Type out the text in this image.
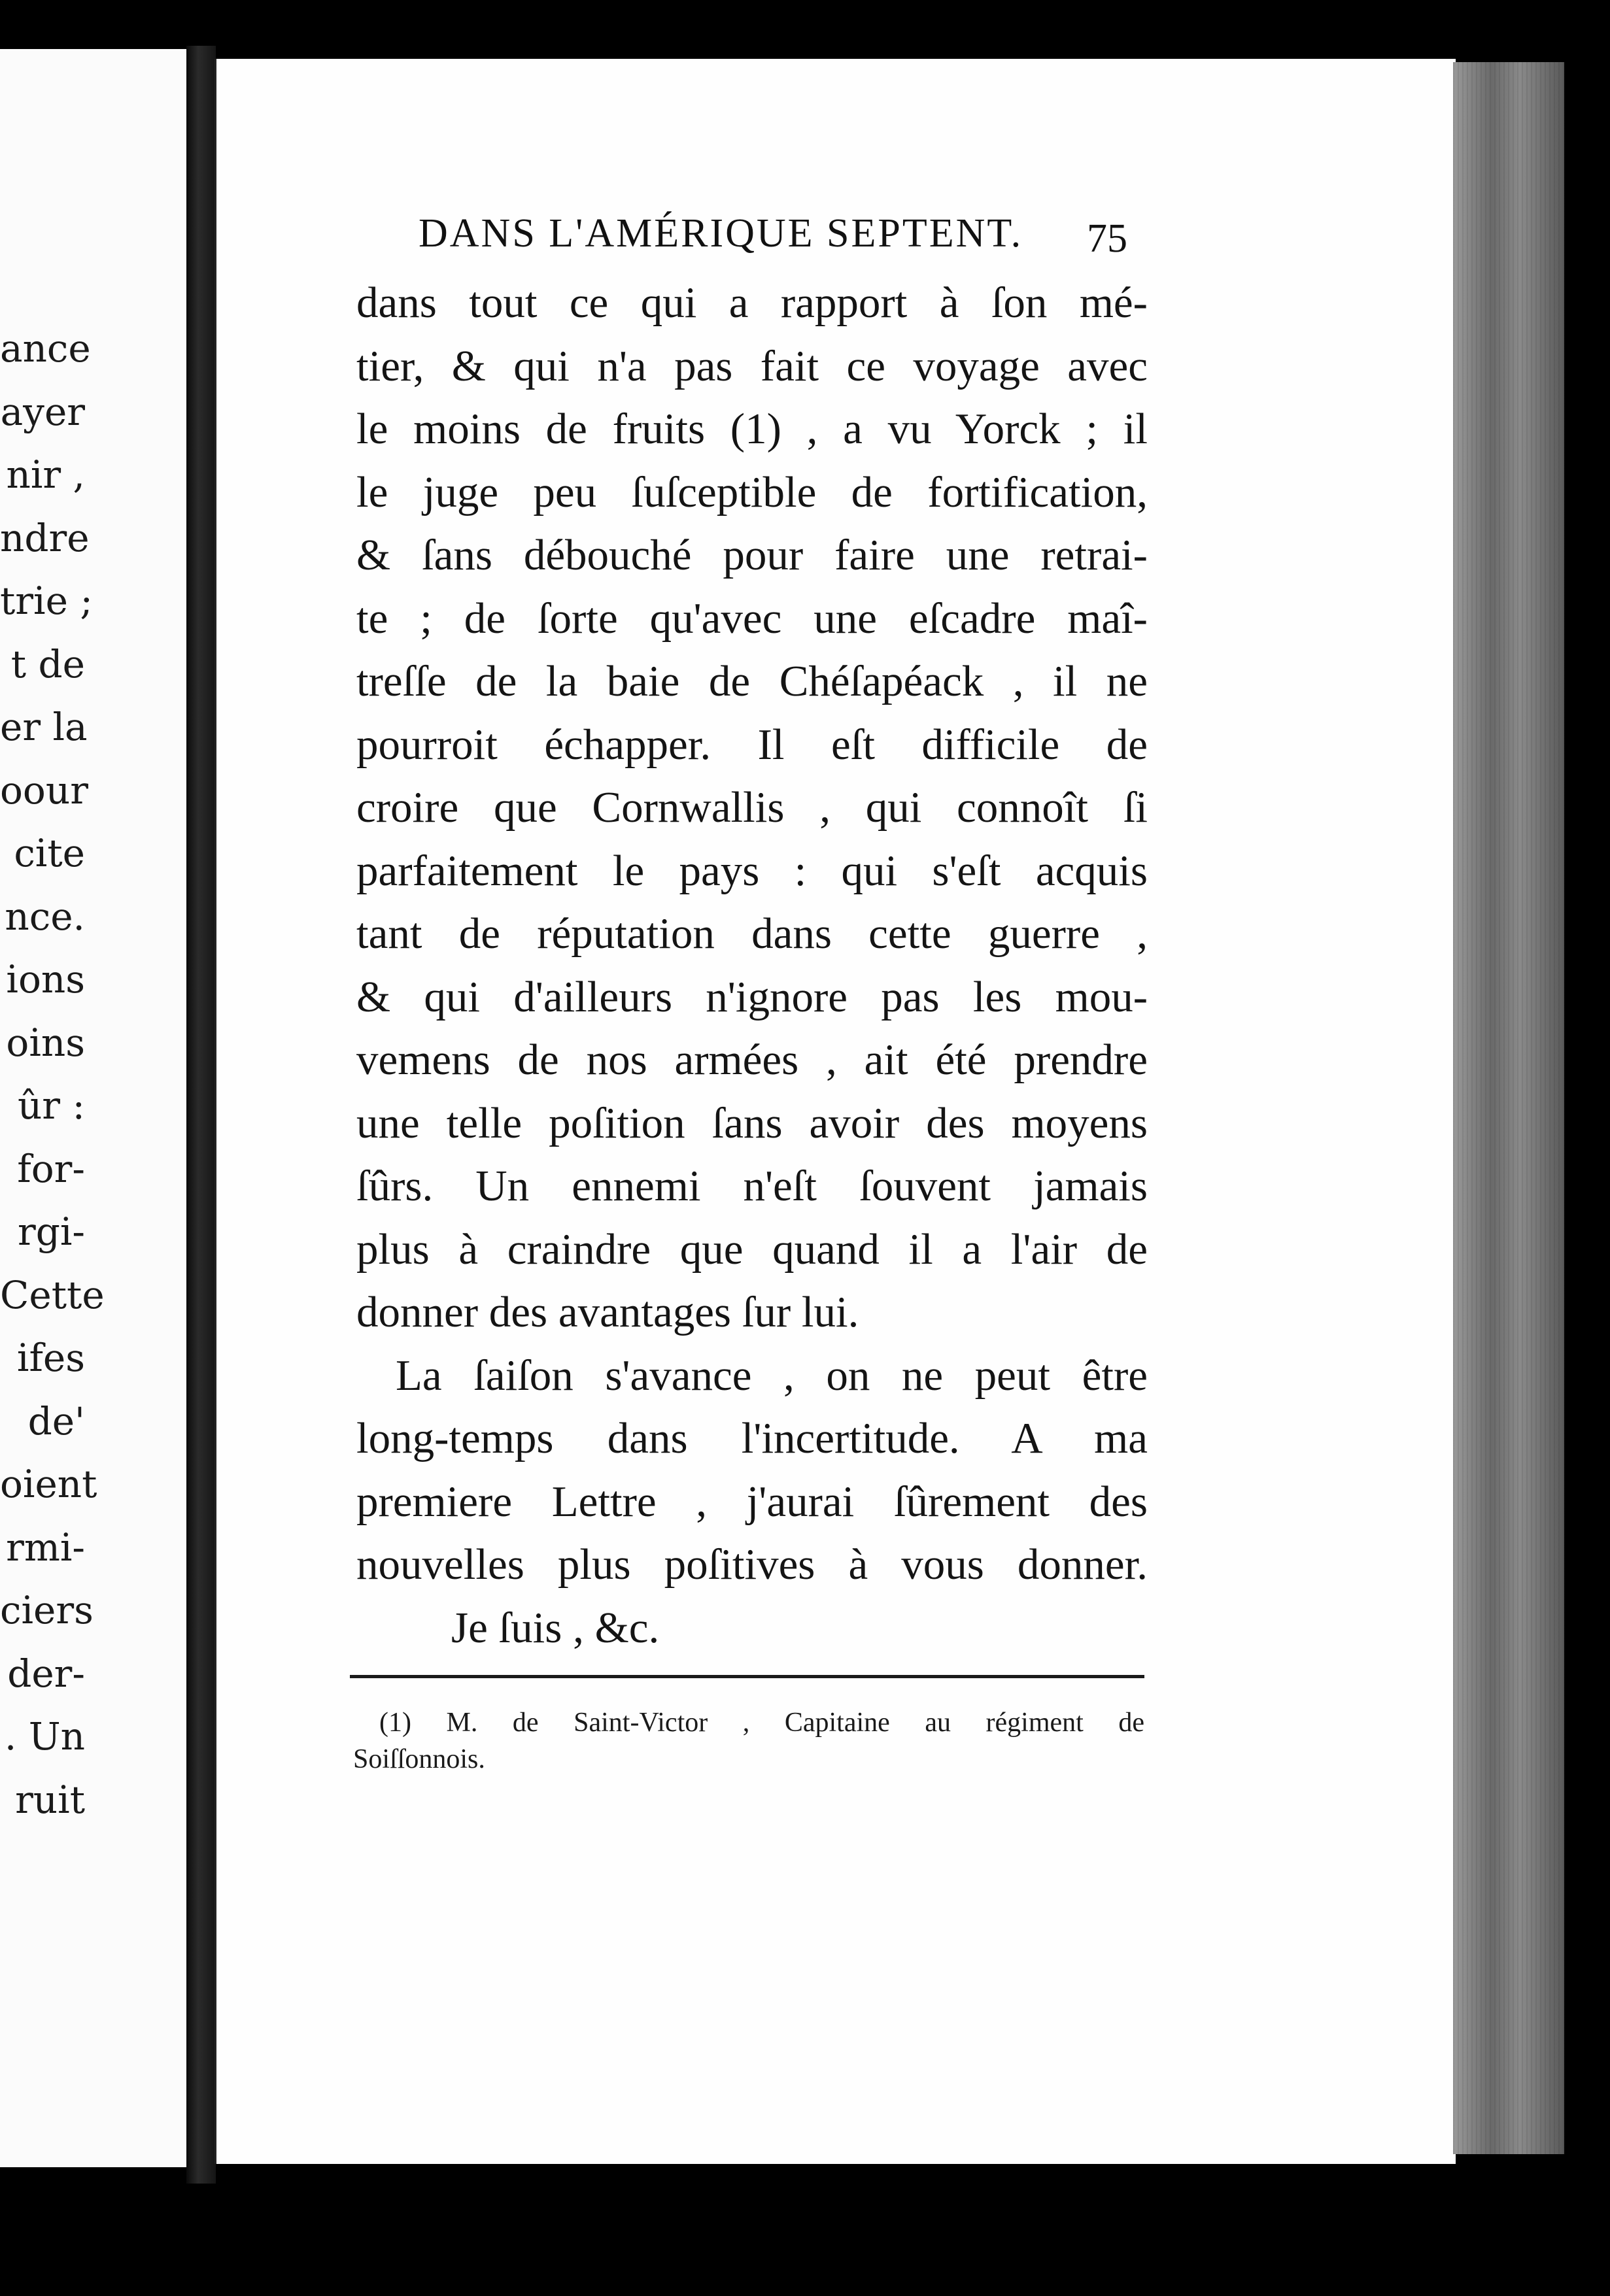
ance
ayer
nir ,
ndre
trie ;
t de
er la
oour
cite
nce.
ions
oins
ûr :
for-
rgi-
Cette
ifes
de'
oient
rmi-
ciers
der-
. Un
ruit
DANS L'AMÉRIQUE SEPTENT.	75
dans tout ce qui a rapport à ſon mé-
tier, & qui n'a pas fait ce voyage avec
le moins de fruits (1) , a vu Yorck ; il
le juge peu ſuſceptible de fortification,
& ſans débouché pour faire une retrai-
te ; de ſorte qu'avec une eſcadre maî-
treſſe de la baie de Chéſapéack , il ne
pourroit échapper. Il eſt difficile de
croire que Cornwallis , qui connoît ſi
parfaitement le pays : qui s'eſt acquis
tant de réputation dans cette guerre ,
& qui d'ailleurs n'ignore pas les mou-
vemens de nos armées , ait été prendre
une telle poſition ſans avoir des moyens
ſûrs. Un ennemi n'eſt ſouvent jamais
plus à craindre que quand il a l'air de
donner des avantages ſur lui.
La ſaiſon s'avance , on ne peut être
long-temps dans l'incertitude. A ma
premiere Lettre , j'aurai ſûrement des
nouvelles plus poſitives à vous donner.
Je ſuis , &c.
(1) M. de Saint-Victor , Capitaine au régiment de
Soiſſonnois.
